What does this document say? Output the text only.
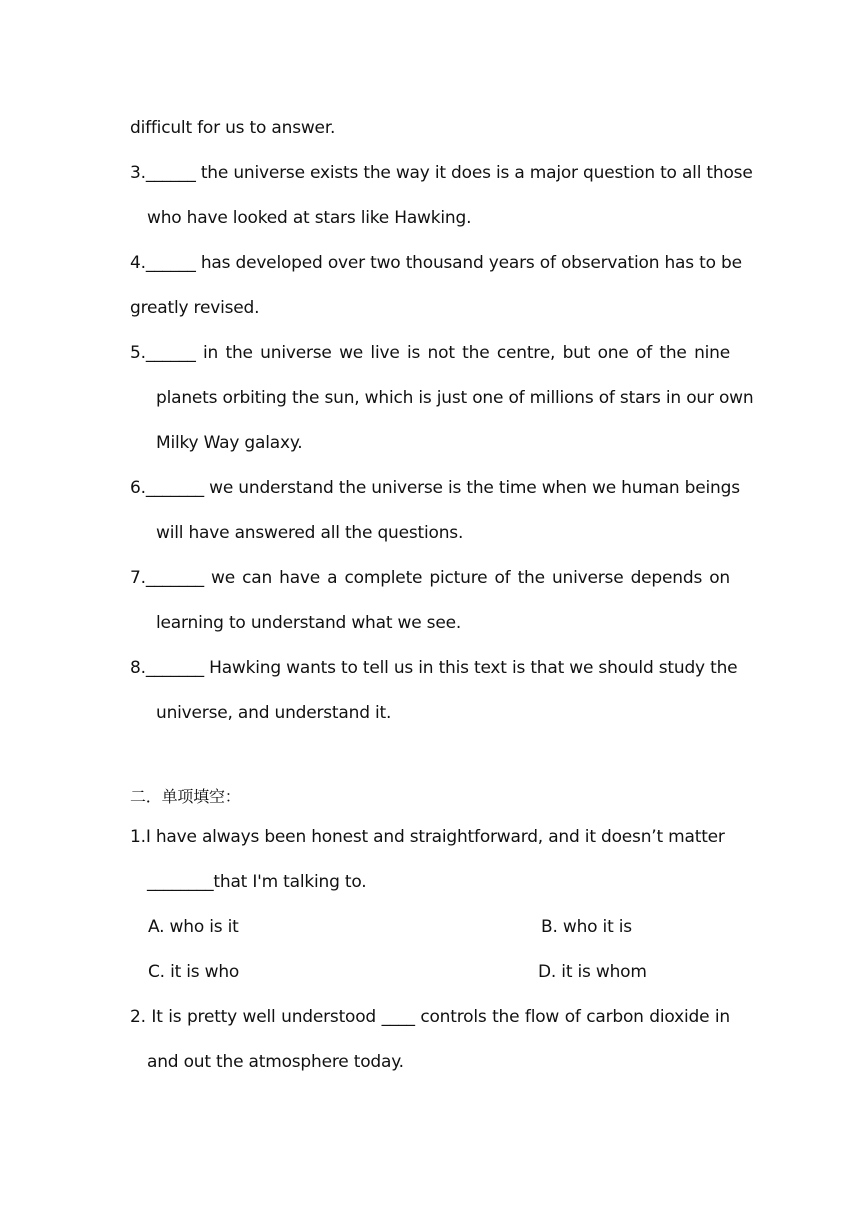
difficult for us to answer.
3.______ the universe exists the way it does is a major question to all those
who have looked at stars like Hawking.
4.______ has developed over two thousand years of observation has to be
greatly revised.
5.______ in the universe we live is not the centre, but one of the nine
planets orbiting the sun, which is just one of millions of stars in our own
Milky Way galaxy.
6._______ we understand the universe is the time when we human beings
will have answered all the questions.
7._______ we can have a complete picture of the universe depends on
learning to understand what we see.
8._______ Hawking wants to tell us in this text is that we should study the
universe, and understand it.
二．单项填空：
1.I have always been honest and straightforward, and it doesn’t matter
________that I'm talking to.
A. who is it	B. who it is
C. it is who	D. it is whom
2. It is pretty well understood ____ controls the flow of carbon dioxide in
and out the atmosphere today.
